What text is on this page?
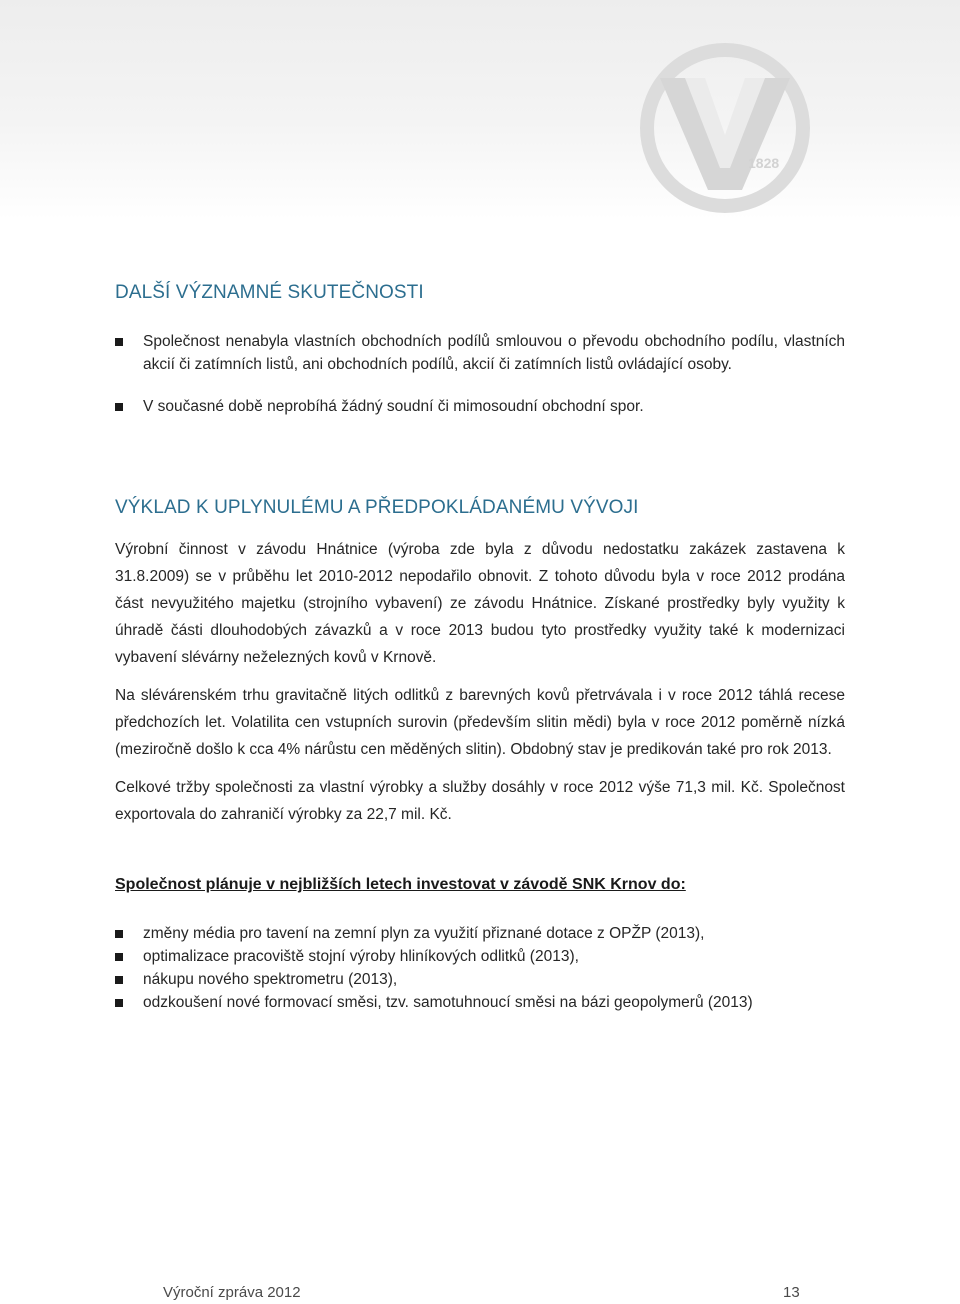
1828
DALŠÍ VÝZNAMNÉ SKUTEČNOSTI
Společnost nenabyla vlastních obchodních podílů smlouvou o převodu obchodního podílu, vlastních akcií či zatímních listů, ani obchodních podílů, akcií či zatímních listů ovládající osoby.
V současné době neprobíhá žádný soudní či mimosoudní obchodní spor.
VÝKLAD K UPLYNULÉMU A PŘEDPOKLÁDANÉMU VÝVOJI

Výrobní činnost v závodu Hnátnice (výroba zde byla z důvodu nedostatku zakázek zastavena k 31.8.2009) se v průběhu let 2010-2012 nepodařilo obnovit. Z tohoto důvodu byla v roce 2012 prodána část nevyužitého majetku (strojního vybavení) ze závodu Hnátnice. Získané prostředky byly využity k úhradě části dlouhodobých závazků a v roce 2013 budou tyto prostředky využity také k modernizaci vybavení slévárny neželezných kovů v Krnově.

Na slévárenském trhu gravitačně litých odlitků z barevných kovů přetrvávala i v roce 2012 táhlá recese předchozích let. Volatilita cen vstupních surovin (především slitin mědi) byla v roce 2012 poměrně nízká (meziročně došlo k cca 4% nárůstu cen měděných slitin). Obdobný stav je predikován také pro rok 2013.

Celkové tržby společnosti za vlastní výrobky a služby dosáhly v roce 2012 výše 71,3 mil. Kč. Společnost exportovala do zahraničí výrobky za 22,7 mil. Kč.

Společnost plánuje v nejbližších letech investovat v závodě SNK Krnov do:

změny média pro tavení na zemní plyn za využití přiznané dotace z OPŽP (2013),
optimalizace pracoviště stojní výroby hliníkových odlitků (2013),
nákupu nového spektrometru (2013),
odzkoušení nové formovací směsi, tzv. samotuhnoucí směsi na bázi geopolymerů (2013)
Výroční zpráva 2012	13
